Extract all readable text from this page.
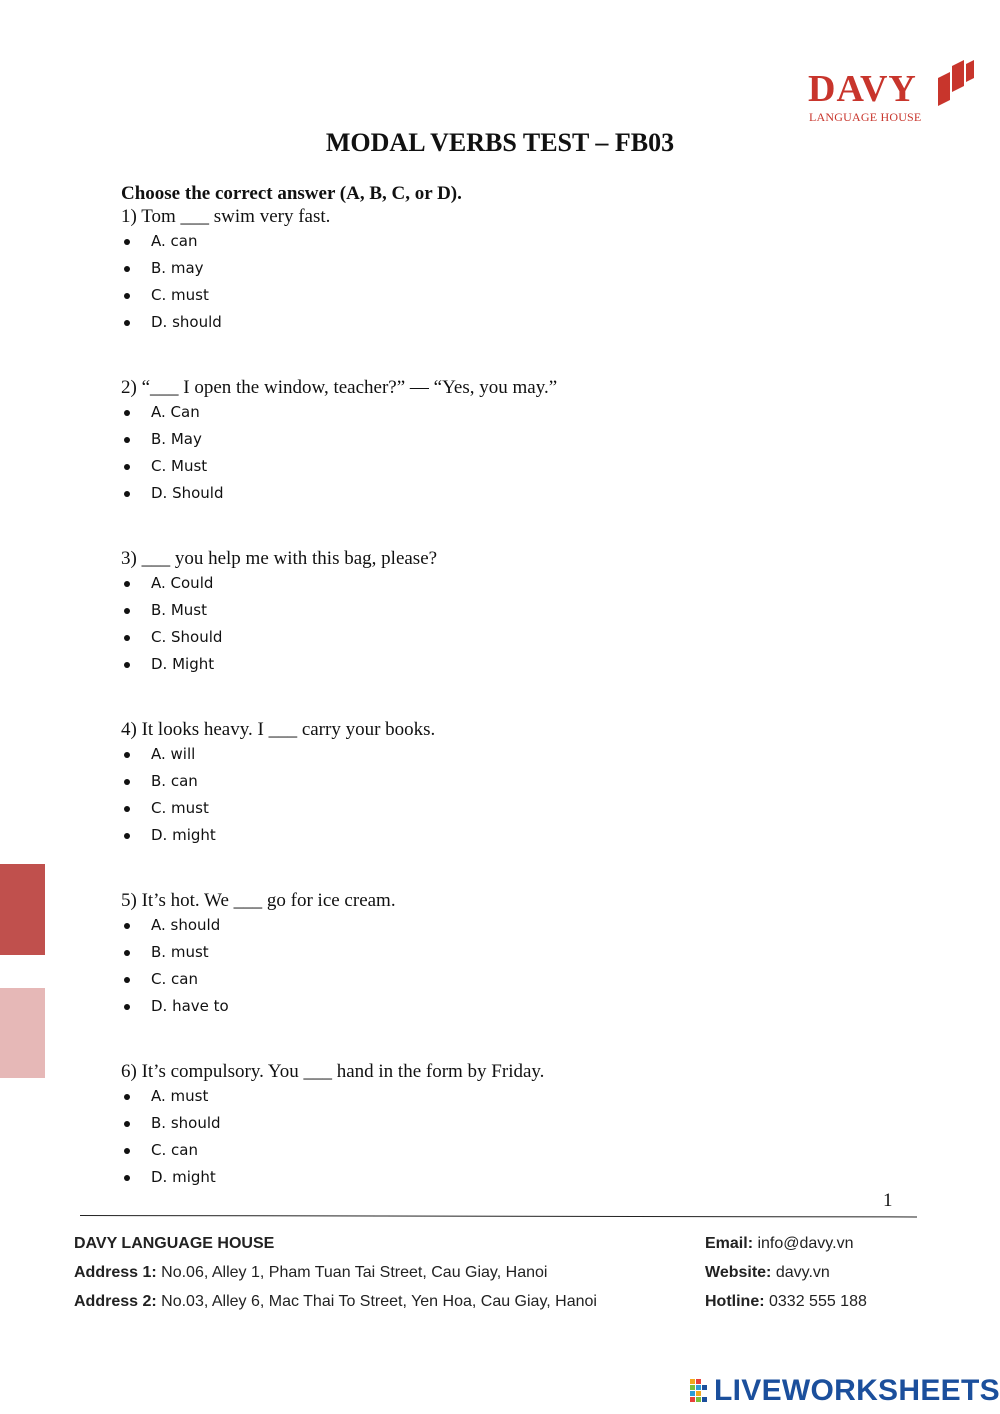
DAVY
LANGUAGE HOUSE
MODAL VERBS TEST – FB03
Choose the correct answer (A, B, C, or D).
1) Tom ___ swim very fast.
A. can
B. may
C. must
D. should
2) “___ I open the window, teacher?” — “Yes, you may.”
A. Can
B. May
C. Must
D. Should
3) ___ you help me with this bag, please?
A. Could
B. Must
C. Should
D. Might
4) It looks heavy. I ___ carry your books.
A. will
B. can
C. must
D. might
5) It’s hot. We ___ go for ice cream.
A. should
B. must
C. can
D. have to
6) It’s compulsory. You ___ hand in the form by Friday.
A. must
B. should
C. can
D. might
1
DAVY LANGUAGE HOUSE
Address 1: No.06, Alley 1, Pham Tuan Tai Street, Cau Giay, Hanoi
Address 2: No.03, Alley 6, Mac Thai To Street, Yen Hoa, Cau Giay, Hanoi
Email: info@davy.vn
Website: davy.vn
Hotline: 0332 555 188
LIVEWORKSHEETS
